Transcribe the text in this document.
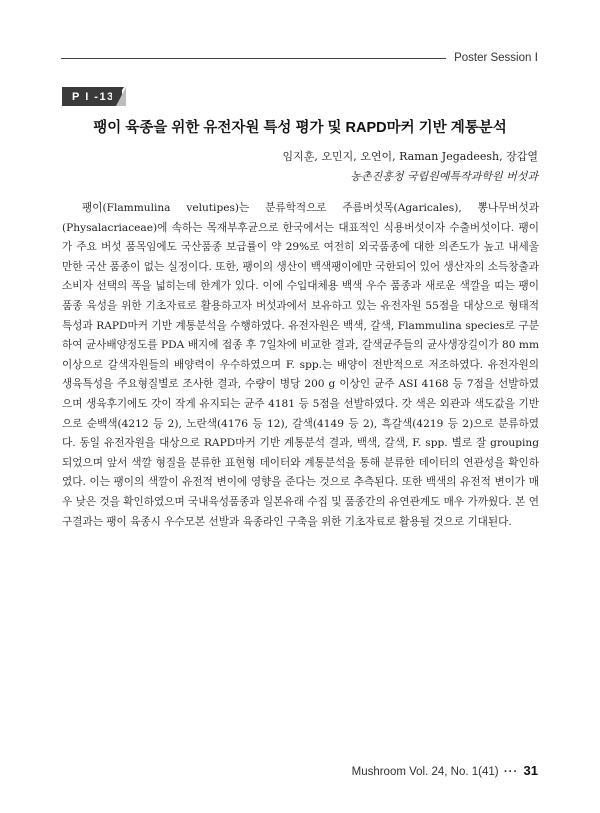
Poster Session Ⅰ
P I -13
팽이 육종을 위한 유전자원 특성 평가 및 RAPD마커 기반 계통분석
임지훈, 오민지, 오연이, Raman Jegadeesh, 장갑열
농촌진흥청 국립원예특작과학원 버섯과

팽이(Flammulina velutipes)는 분류학적으로 주름버섯목(Agaricales), 뽕나무버섯과(Physalacriaceae)에 속하는 목재부후균으로 한국에서는 대표적인 식용버섯이자 수출버섯이다. 팽이가 주요 버섯 품목임에도 국산품종 보급률이 약 29%로 여전히 외국품종에 대한 의존도가 높고 내세울 만한 국산 품종이 없는 실정이다. 또한, 팽이의 생산이 백색팽이에만 국한되어 있어 생산자의 소득창출과 소비자 선택의 폭을 넓히는데 한계가 있다. 이에 수입대체용 백색 우수 품종과 새로운 색깔을 띠는 팽이 품종 육성을 위한 기초자료로 활용하고자 버섯과에서 보유하고 있는 유전자원 55점을 대상으로 형태적 특성과 RAPD마커 기반 계통분석을 수행하였다. 유전자원은 백색, 갈색, Flammulina species로 구분하여 균사배양정도를 PDA 배지에 접종 후 7일차에 비교한 결과, 갈색균주들의 균사생장길이가 80 mm 이상으로 갈색자원들의 배양력이 우수하였으며 F. spp.는 배양이 전반적으로 저조하였다. 유전자원의 생육특성을 주요형질별로 조사한 결과, 수량이 병당 200 g 이상인 균주 ASI 4168 등 7점을 선발하였으며 생육후기에도 갓이 작게 유지되는 균주 4181 등 5점을 선발하였다. 갓 색은 외관과 색도값을 기반으로 순백색(4212 등 2), 노란색(4176 등 12), 갈색(4149 등 2), 흑갈색(4219 등 2)으로 분류하였다. 동일 유전자원을 대상으로 RAPD마커 기반 계통분석 결과, 백색, 갈색, F. spp. 별로 잘 grouping 되었으며 앞서 색깔 형질을 분류한 표현형 데이터와 계통분석을 통해 분류한 데이터의 연관성을 확인하였다. 이는 팽이의 색깔이 유전적 변이에 영향을 준다는 것으로 추측된다. 또한 백색의 유전적 변이가 매우 낮은 것을 확인하였으며 국내육성품종과 일본유래 수집 및 품종간의 유연관계도 매우 가까웠다. 본 연구결과는 팽이 육종시 우수모본 선발과 육종라인 구축을 위한 기초자료로 활용될 것으로 기대된다.

Mushroom Vol. 24, No. 1(41) ··· 31
